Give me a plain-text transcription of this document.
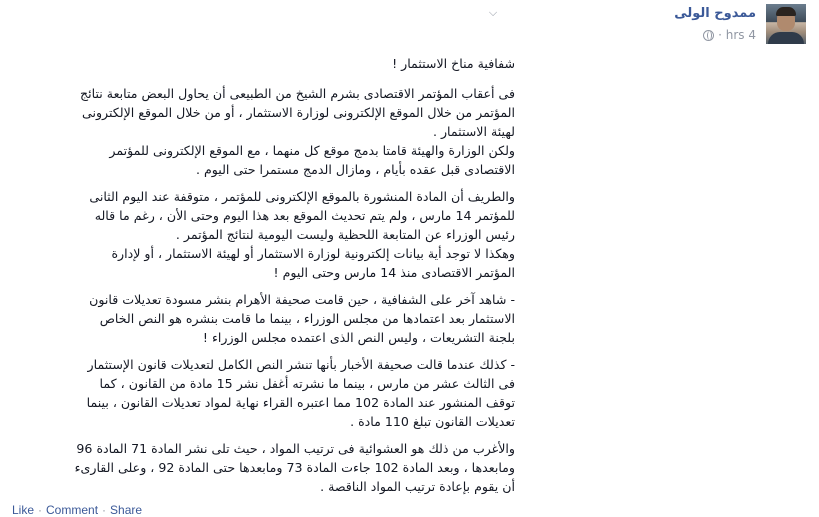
⌵	ممدوح الولى
4 hrs ·

شفافية مناخ الاستثمار !

فى أعقاب المؤتمر الاقتصادى بشرم الشيخ من الطبيعى أن يحاول البعض متابعة نتائج
المؤتمر من خلال الموقع الإلكترونى لوزارة الاستثمار ، أو من خلال الموقع الإلكترونى
لهيئة الاستثمار .
ولكن الوزارة والهيئة قامتا بدمج موقع كل منهما ، مع الموقع الإلكترونى للمؤتمر
الاقتصادى قبل عقده بأيام ، ومازال الدمج مستمرا حتى اليوم .

والطريف أن المادة المنشورة بالموقع الإلكترونى للمؤتمر ، متوقفة عند اليوم الثانى
للمؤتمر 14 مارس ، ولم يتم تحديث الموقع بعد هذا اليوم وحتى الأن ، رغم ما قاله
رئيس الوزراء عن المتابعة اللحظية وليست اليومية لنتائج المؤتمر .
وهكذا لا توجد أية بيانات إلكترونية لوزارة الاستثمار أو لهيئة الاستثمار ، أو لإدارة
المؤتمر الاقتصادى منذ 14 مارس وحتى اليوم !

- شاهد آخر على الشفافية ، حين قامت صحيفة الأهرام بنشر مسودة تعديلات قانون
الاستثمار بعد اعتمادها من مجلس الوزراء ، بينما ما قامت بنشره هو النص الخاص
بلجنة التشريعات ، وليس النص الذى اعتمده مجلس الوزراء !

- كذلك عندما قالت صحيفة الأخبار بأنها تنشر النص الكامل لتعديلات قانون الإستثمار
فى الثالث عشر من مارس ، بينما ما نشرته أغفل نشر 15 مادة من القانون ، كما
توقف المنشور عند المادة 102 مما اعتبره القراء نهاية لمواد تعديلات القانون ، بينما
تعديلات القانون تبلغ 110 مادة .

والأغرب من ذلك هو العشوائية فى ترتيب المواد ، حيث تلى نشر المادة 71 المادة 96
ومابعدها ، وبعد المادة 102 جاءت المادة 73 ومابعدها حتى المادة 92 ، وعلى القارىء
أن يقوم بإعادة ترتيب المواد الناقصة .

Like · Comment · Share
